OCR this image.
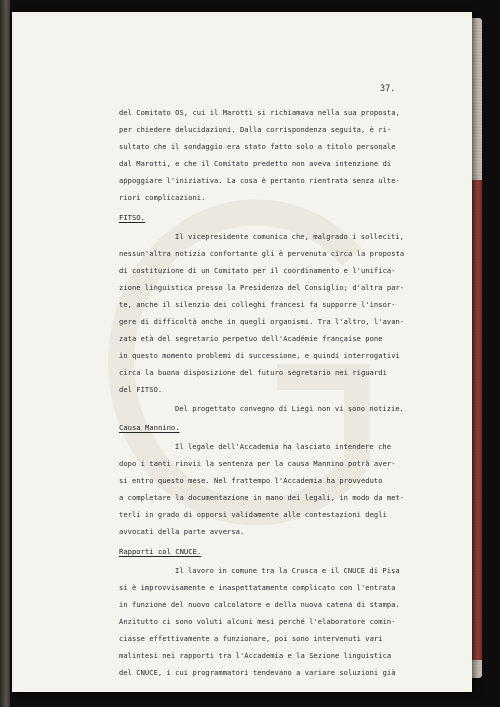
37.
del Comitato OS, cui il Marotti si richiamava nella sua proposta,
per chiedere delucidazioni. Dalla corrispondenza seguita, è ri-
sultato che il sondaggio era stato fatto solo a titolo personale
dal Marotti, e che il Comitato predetto non aveva intenzione di
appoggiare l'iniziativa. La cosa è pertanto rientrata senza ulte-
riori complicazioni.
FITSO.
Il vicepresidente comunica che, malgrado i solleciti,
nessun'altra notizia confortante gli è pervenuta circa la proposta
di costituzione di un Comitato per il coordinamento e l'unifica-
zione linguistica presso la Presidenza del Consiglio; d'altra par-
te, anche il silenzio dei colleghi francesi fa supporre l'insor-
gere di difficoltà anche in quegli organismi. Tra l'altro, l'avan-
zata età del segretario perpetuo dell'Académie française pone
in questo momento problemi di successione, e quindi interrogativi
circa la buona disposizione del futuro segretario nei riguardi
del FITSO.
Del progettato convegno di Liegi non vi sono notizie.
Causa Mannino.
Il legale dell'Accademia ha lasciato intendere che
dopo i tanti rinvii la sentenza per la causa Mannino potrà aver-
si entro questo mese. Nel frattempo l'Accademia ha provveduto
a completare la documentazione in mano dei legali, in modo da met-
terli in grado di opporsi validamente alle contestazioni degli
avvocati della parte avversa.
Rapporti col CNUCE.
Il lavoro in comune tra la Crusca e il CNUCE di Pisa
si è improvvisamente e inaspettatamente complicato con l'entrata
in funzione del nuovo calcolatore e della nuova catena di stampa.
Anzitutto ci sono voluti alcuni mesi perché l'elaboratore comin-
ciasse effettivamente a funzionare, poi sono intervenuti vari
malintesi nei rapporti tra l'Accademia e la Sezione linguistica
del CNUCE, i cui programmatori tendevano a variare soluzioni già
